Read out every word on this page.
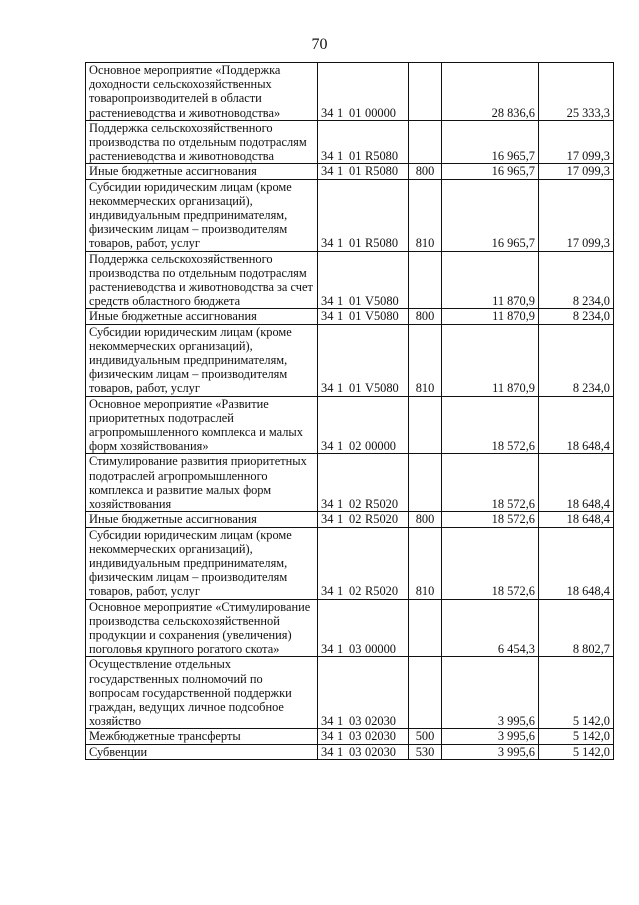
70
Основное мероприятие «Поддержка доходности сельскохозяйственных товаропроизводителей в области растениеводства и животноводства»	34 1 01 00000		28 836,6	25 333,3
Поддержка сельскохозяйственного производства по отдельным подотраслям растениеводства и животноводства	34 1 01 R5080		16 965,7	17 099,3
Иные бюджетные ассигнования	34 1 01 R5080	800	16 965,7	17 099,3
Субсидии юридическим лицам (кроме некоммерческих организаций), индивидуальным предпринимателям, физическим лицам – производителям товаров, работ, услуг	34 1 01 R5080	810	16 965,7	17 099,3
Поддержка сельскохозяйственного производства по отдельным подотраслям растениеводства и животноводства за счет средств областного бюджета	34 1 01 V5080		11 870,9	8 234,0
Иные бюджетные ассигнования	34 1 01 V5080	800	11 870,9	8 234,0
Субсидии юридическим лицам (кроме некоммерческих организаций), индивидуальным предпринимателям, физическим лицам – производителям товаров, работ, услуг	34 1 01 V5080	810	11 870,9	8 234,0
Основное мероприятие «Развитие приоритетных подотраслей агропромышленного комплекса и малых форм хозяйствования»	34 1 02 00000		18 572,6	18 648,4
Стимулирование развития приоритетных подотраслей агропромышленного комплекса и развитие малых форм хозяйствования	34 1 02 R5020		18 572,6	18 648,4
Иные бюджетные ассигнования	34 1 02 R5020	800	18 572,6	18 648,4
Субсидии юридическим лицам (кроме некоммерческих организаций), индивидуальным предпринимателям, физическим лицам – производителям товаров, работ, услуг	34 1 02 R5020	810	18 572,6	18 648,4
Основное мероприятие «Стимулирование производства сельскохозяйственной продукции и сохранения (увеличения) поголовья крупного рогатого скота»	34 1 03 00000		6 454,3	8 802,7
Осуществление отдельных государственных полномочий по вопросам государственной поддержки граждан, ведущих личное подсобное хозяйство	34 1 03 02030		3 995,6	5 142,0
Межбюджетные трансферты	34 1 03 02030	500	3 995,6	5 142,0
Субвенции	34 1 03 02030	530	3 995,6	5 142,0
